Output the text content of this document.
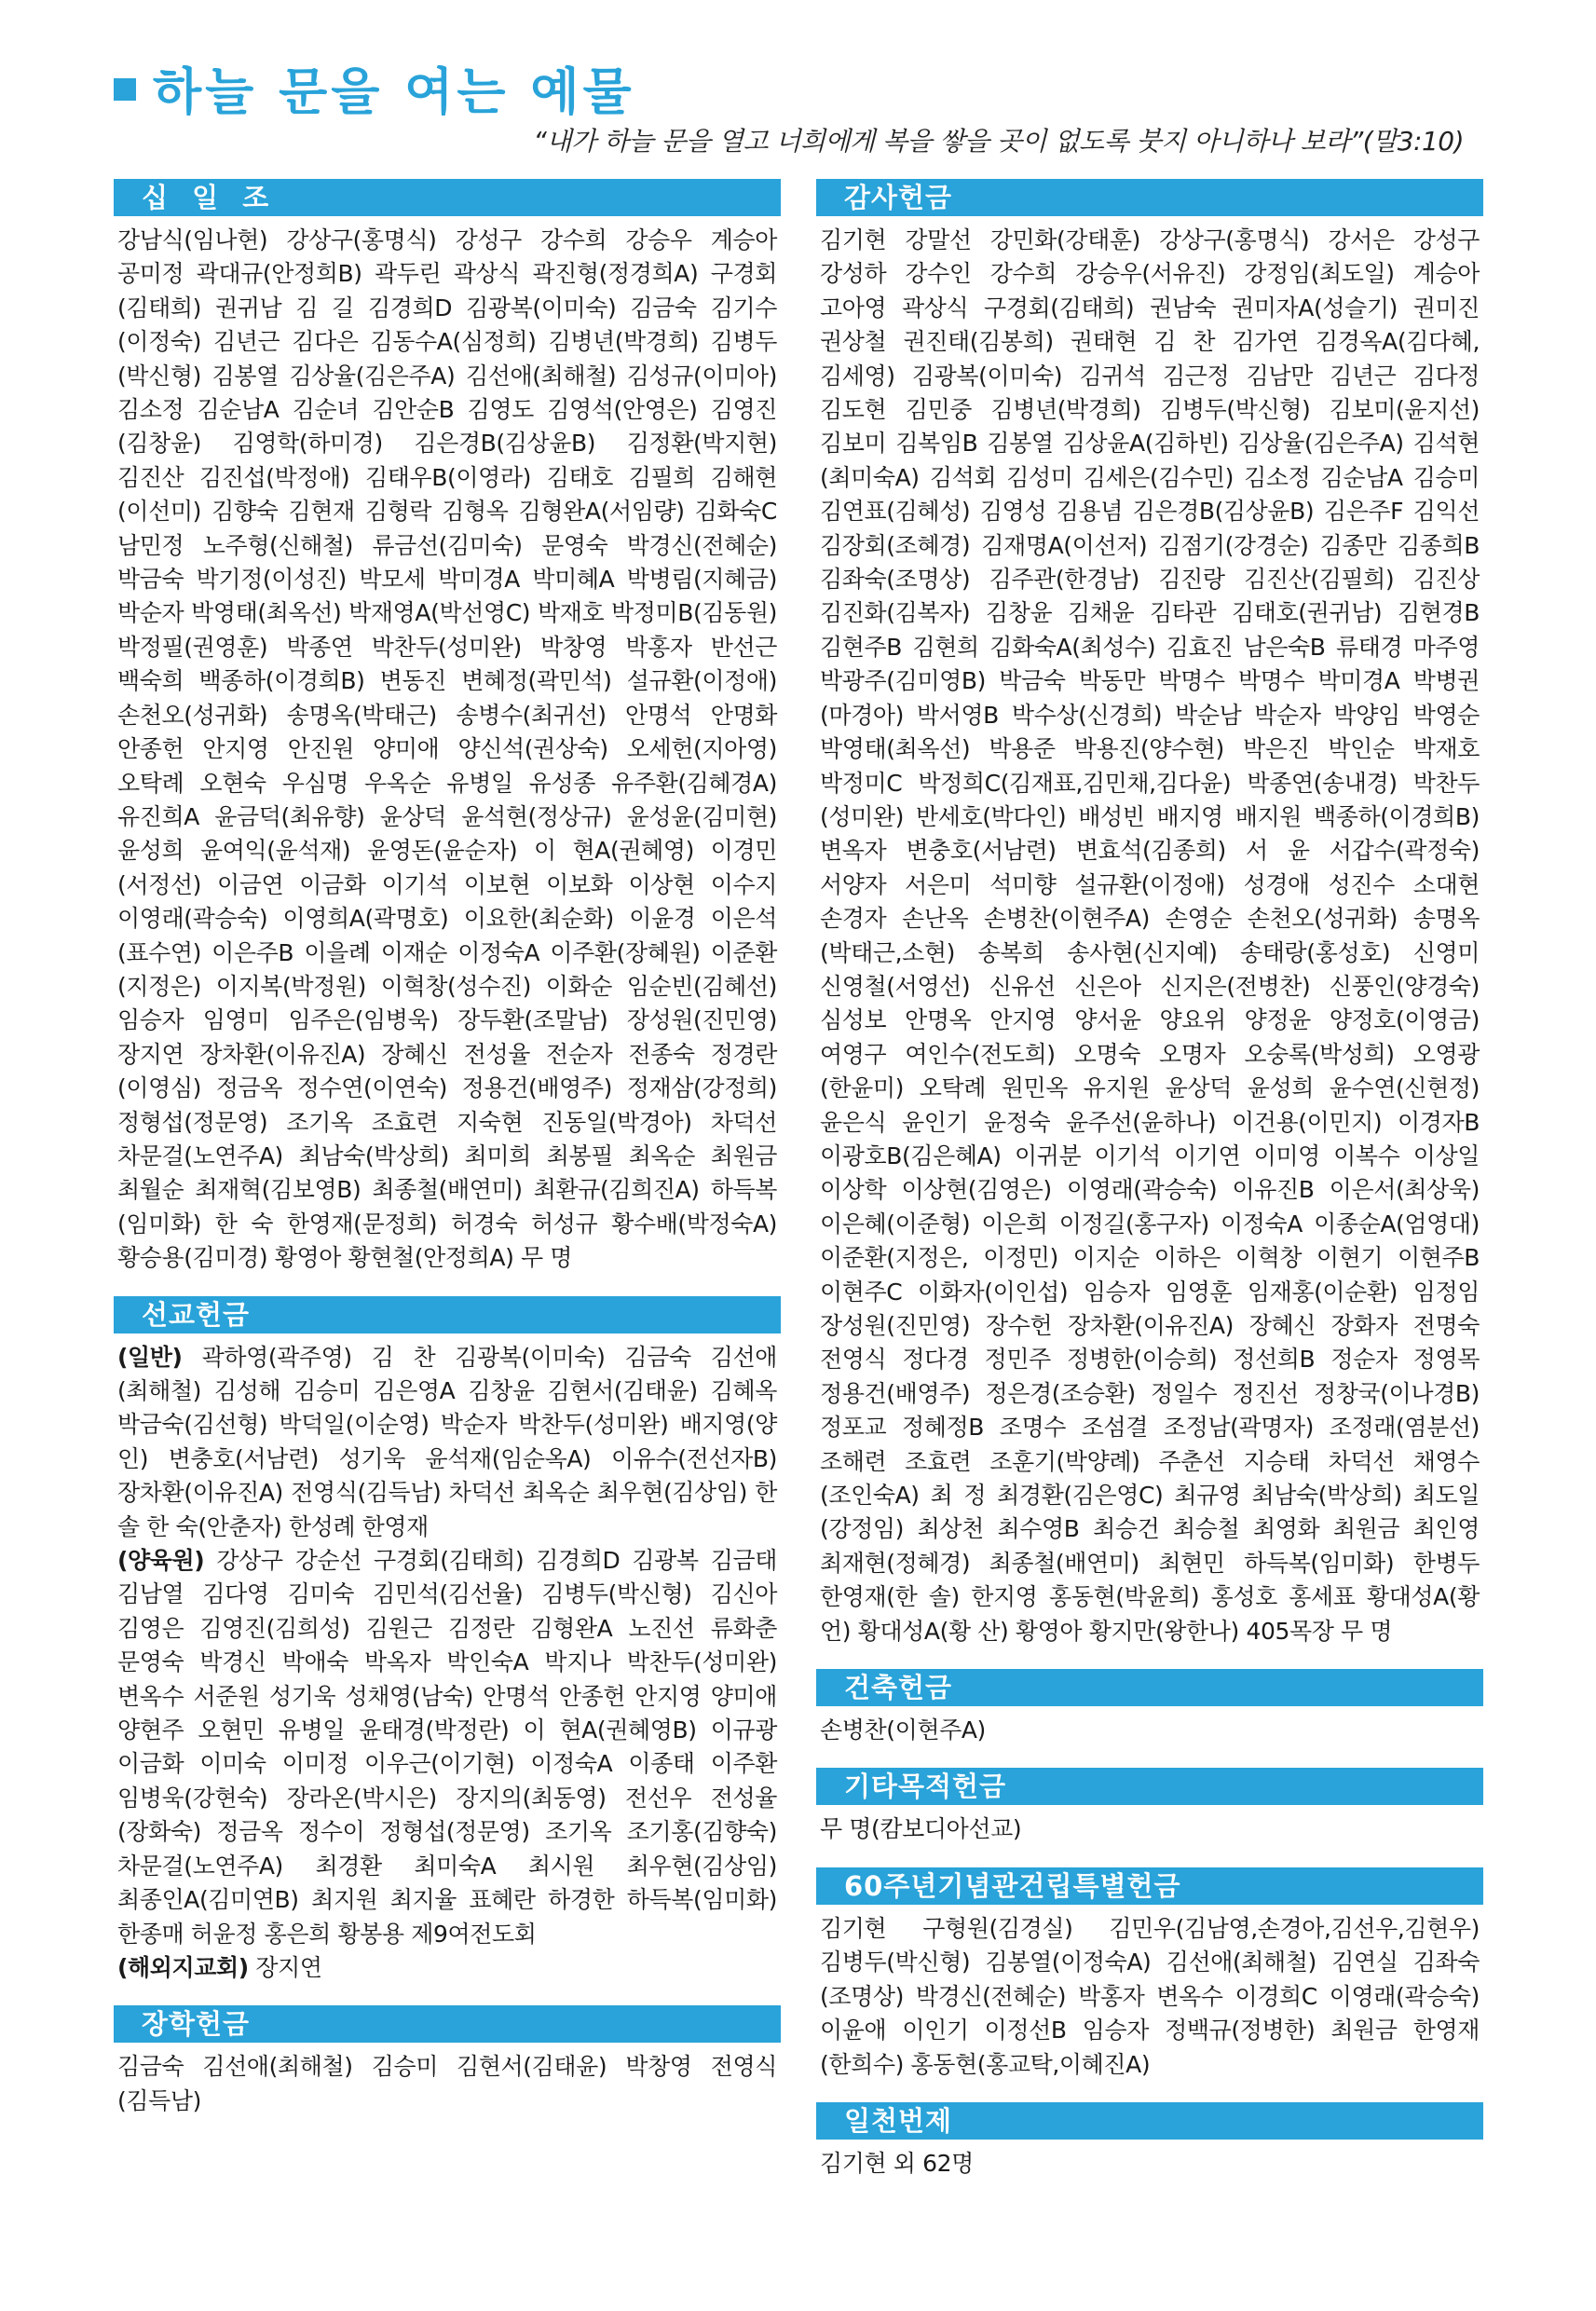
하늘 문을 여는 예물
“내가 하늘 문을 열고 너희에게 복을 쌓을 곳이 없도록 붓지 아니하나 보라”(말3:10)
십 일 조
강남식(임나현) 강상구(홍명식) 강성구 강수희 강승우 계승아 공미정 곽대규(안정희B) 곽두린 곽상식 곽진형(정경희A) 구경회(김태희) 권귀남 김 길 김경희D 김광복(이미숙) 김금숙 김기수(이정숙) 김년근 김다은 김동수A(심정희) 김병년(박경희) 김병두(박신형) 김봉열 김상율(김은주A) 김선애(최해철) 김성규(이미아) 김소정 김순남A 김순녀 김안순B 김영도 김영석(안영은) 김영진(김창윤) 김영학(하미경) 김은경B(김상윤B) 김정환(박지현) 김진산 김진섭(박정애) 김태우B(이영라) 김태호 김필희 김해현(이선미) 김향숙 김현재 김형락 김형옥 김형완A(서임량) 김화숙C 남민정 노주형(신해철) 류금선(김미숙) 문영숙 박경신(전혜순) 박금숙 박기정(이성진) 박모세 박미경A 박미혜A 박병림(지혜금) 박순자 박영태(최옥선) 박재영A(박선영C) 박재호 박정미B(김동원) 박정필(권영훈) 박종연 박찬두(성미완) 박창영 박홍자 반선근 백숙희 백종하(이경희B) 변동진 변혜정(곽민석) 설규환(이정애) 손천오(성귀화) 송명옥(박태근) 송병수(최귀선) 안명석 안명화 안종헌 안지영 안진원 양미애 양신석(권상숙) 오세헌(지아영) 오탁례 오현숙 우심명 우옥순 유병일 유성종 유주환(김혜경A) 유진희A 윤금덕(최유향) 윤상덕 윤석현(정상규) 윤성윤(김미현) 윤성희 윤여익(윤석재) 윤영돈(윤순자) 이 현A(권혜영) 이경민(서정선) 이금연 이금화 이기석 이보현 이보화 이상현 이수지 이영래(곽승숙) 이영희A(곽명호) 이요한(최순화) 이윤경 이은석(표수연) 이은주B 이을례 이재순 이정숙A 이주환(장혜원) 이준환(지정은) 이지복(박정원) 이혁창(성수진) 이화순 임순빈(김혜선) 임승자 임영미 임주은(임병욱) 장두환(조말남) 장성원(진민영) 장지연 장차환(이유진A) 장혜신 전성율 전순자 전종숙 정경란(이영심) 정금옥 정수연(이연숙) 정용건(배영주) 정재삼(강정희) 정형섭(정문영) 조기옥 조효련 지숙현 진동일(박경아) 차덕선 차문걸(노연주A) 최남숙(박상희) 최미희 최봉필 최옥순 최원금 최월순 최재혁(김보영B) 최종철(배연미) 최환규(김희진A) 하득복(임미화) 한 숙 한영재(문정희) 허경숙 허성규 황수배(박정숙A) 황승용(김미경) 황영아 황현철(안정희A) 무 명
선교헌금

(일반) 곽하영(곽주영) 김 찬 김광복(이미숙) 김금숙 김선애(최해철) 김성해 김승미 김은영A 김창윤 김현서(김태윤) 김혜옥 박금숙(김선형) 박덕일(이순영) 박순자 박찬두(성미완) 배지영(양 인) 변충호(서남련) 성기욱 윤석재(임순옥A) 이유수(전선자B) 장차환(이유진A) 전영식(김득남) 차덕선 최옥순 최우현(김상임) 한 솔 한 숙(안춘자) 한성례 한영재

(양육원) 강상구 강순선 구경회(김태희) 김경희D 김광복 김금태 김남열 김다영 김미숙 김민석(김선율) 김병두(박신형) 김신아 김영은 김영진(김희성) 김원근 김정란 김형완A 노진선 류화춘 문영숙 박경신 박애숙 박옥자 박인숙A 박지나 박찬두(성미완) 변옥수 서준원 성기욱 성채영(남숙) 안명석 안종헌 안지영 양미애 양현주 오현민 유병일 윤태경(박정란) 이 현A(권혜영B) 이규광 이금화 이미숙 이미정 이우근(이기현) 이정숙A 이종태 이주환 임병욱(강현숙) 장라온(박시은) 장지의(최동영) 전선우 전성율(장화숙) 정금옥 정수이 정형섭(정문영) 조기옥 조기홍(김향숙) 차문걸(노연주A) 최경환 최미숙A 최시원 최우현(김상임) 최종인A(김미연B) 최지원 최지율 표혜란 하경한 하득복(임미화) 한종매 허윤정 홍은희 황봉용 제9여전도회

(해외지교회) 장지연

장학헌금
김금숙 김선애(최해철) 김승미 김현서(김태윤) 박창영 전영식(김득남)
감사헌금
김기현 강말선 강민화(강태훈) 강상구(홍명식) 강서은 강성구 강성하 강수인 강수희 강승우(서유진) 강정임(최도일) 계승아 고아영 곽상식 구경회(김태희) 권남숙 권미자A(성슬기) 권미진 권상철 권진태(김봉희) 권태현 김 찬 김가연 김경옥A(김다혜, 김세영) 김광복(이미숙) 김귀석 김근정 김남만 김년근 김다정 김도현 김민중 김병년(박경희) 김병두(박신형) 김보미(윤지선) 김보미 김복임B 김봉열 김상윤A(김하빈) 김상율(김은주A) 김석현(최미숙A) 김석회 김성미 김세은(김수민) 김소정 김순남A 김승미 김연표(김혜성) 김영성 김용념 김은경B(김상윤B) 김은주F 김익선 김장회(조혜경) 김재명A(이선저) 김점기(강경순) 김종만 김종희B 김좌숙(조명상) 김주관(한경남) 김진랑 김진산(김필희) 김진상 김진화(김복자) 김창윤 김채윤 김타관 김태호(권귀남) 김현경B 김현주B 김현희 김화숙A(최성수) 김효진 남은숙B 류태경 마주영 박광주(김미영B) 박금숙 박동만 박명수 박명수 박미경A 박병권(마경아) 박서영B 박수상(신경희) 박순남 박순자 박양임 박영순 박영태(최옥선) 박용준 박용진(양수현) 박은진 박인순 박재호 박정미C 박정희C(김재표,김민채,김다윤) 박종연(송내경) 박찬두(성미완) 반세호(박다인) 배성빈 배지영 배지원 백종하(이경희B) 변옥자 변충호(서남련) 변효석(김종희) 서 윤 서갑수(곽정숙) 서양자 서은미 석미향 설규환(이정애) 성경애 성진수 소대현 손경자 손난옥 손병찬(이현주A) 손영순 손천오(성귀화) 송명옥(박태근,소현) 송복희 송사현(신지예) 송태랑(홍성호) 신영미 신영철(서영선) 신유선 신은아 신지은(전병찬) 신풍인(양경숙) 심성보 안명옥 안지영 양서윤 양요위 양정윤 양정호(이영금) 여영구 여인수(전도희) 오명숙 오명자 오숭록(박성희) 오영광(한윤미) 오탁례 원민옥 유지원 윤상덕 윤성희 윤수연(신현정) 윤은식 윤인기 윤정숙 윤주선(윤하나) 이건용(이민지) 이경자B 이광호B(김은혜A) 이귀분 이기석 이기연 이미영 이복수 이상일 이상학 이상현(김영은) 이영래(곽승숙) 이유진B 이은서(최상욱) 이은혜(이준형) 이은희 이정길(홍구자) 이정숙A 이종순A(엄영대) 이준환(지정은, 이정민) 이지순 이하은 이혁창 이현기 이현주B 이현주C 이화자(이인섭) 임승자 임영훈 임재홍(이순환) 임정임 장성원(진민영) 장수헌 장차환(이유진A) 장혜신 장화자 전명숙 전영식 정다경 정민주 정병한(이승희) 정선희B 정순자 정영목 정용건(배영주) 정은경(조승환) 정일수 정진선 정창국(이나경B) 정포교 정혜정B 조명수 조섬결 조정남(곽명자) 조정래(염분선) 조해련 조효련 조훈기(박양례) 주춘선 지승태 차덕선 채영수(조인숙A) 최 정 최경환(김은영C) 최규영 최남숙(박상희) 최도일(강정임) 최상천 최수영B 최승건 최승철 최영화 최원금 최인영 최재현(정혜경) 최종철(배연미) 최현민 하득복(임미화) 한병두 한영재(한 솔) 한지영 홍동현(박윤희) 홍성호 홍세표 황대성A(황 언) 황대성A(황 산) 황영아 황지만(왕한나) 405목장 무 명
건축헌금
손병찬(이현주A)
기타목적헌금
무 명(캄보디아선교)
60주년기념관건립특별헌금
김기현 구형원(김경실) 김민우(김남영,손경아,김선우,김현우) 김병두(박신형) 김봉열(이정숙A) 김선애(최해철) 김연실 김좌숙(조명상) 박경신(전혜순) 박홍자 변옥수 이경희C 이영래(곽승숙) 이윤애 이인기 이정선B 임승자 정백규(정병한) 최원금 한영재(한희수) 홍동현(홍교탁,이혜진A)
일천번제
김기현 외 62명
